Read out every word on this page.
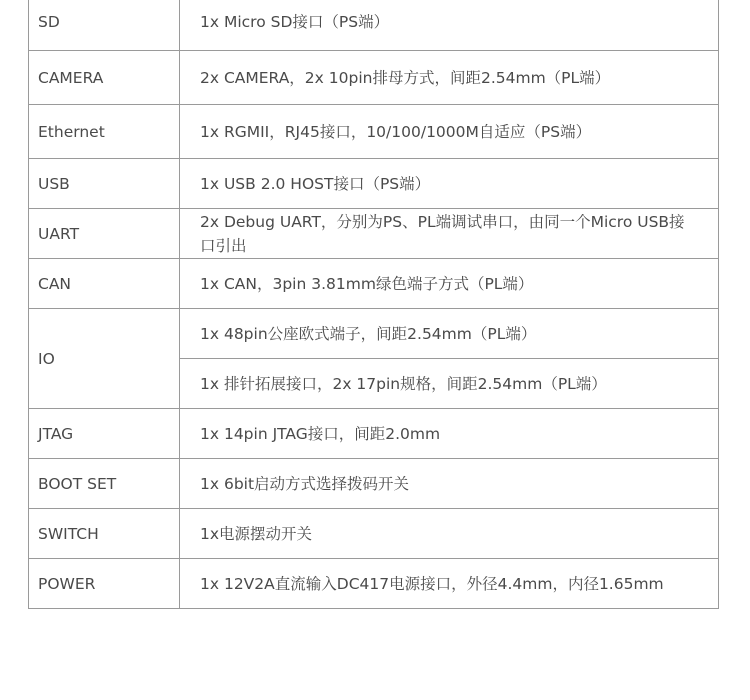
SD	1x Micro SD接口（PS端）
CAMERA	2x CAMERA，2x 10pin排母方式，间距2.54mm（PL端）
Ethernet	1x RGMII，RJ45接口，10/100/1000M自适应（PS端）
USB	1x USB 2.0 HOST接口（PS端）
UART	2x Debug UART，分别为PS、PL端调试串口，由同一个Micro USB接口引出
CAN	1x CAN，3pin 3.81mm绿色端子方式（PL端）
IO	1x 48pin公座欧式端子，间距2.54mm（PL端）
	1x 排针拓展接口，2x 17pin规格，间距2.54mm（PL端）
JTAG	1x 14pin JTAG接口，间距2.0mm
BOOT SET	1x 6bit启动方式选择拨码开关
SWITCH	1x电源摆动开关
POWER	1x 12V2A直流输入DC417电源接口，外径4.4mm，内径1.65mm
